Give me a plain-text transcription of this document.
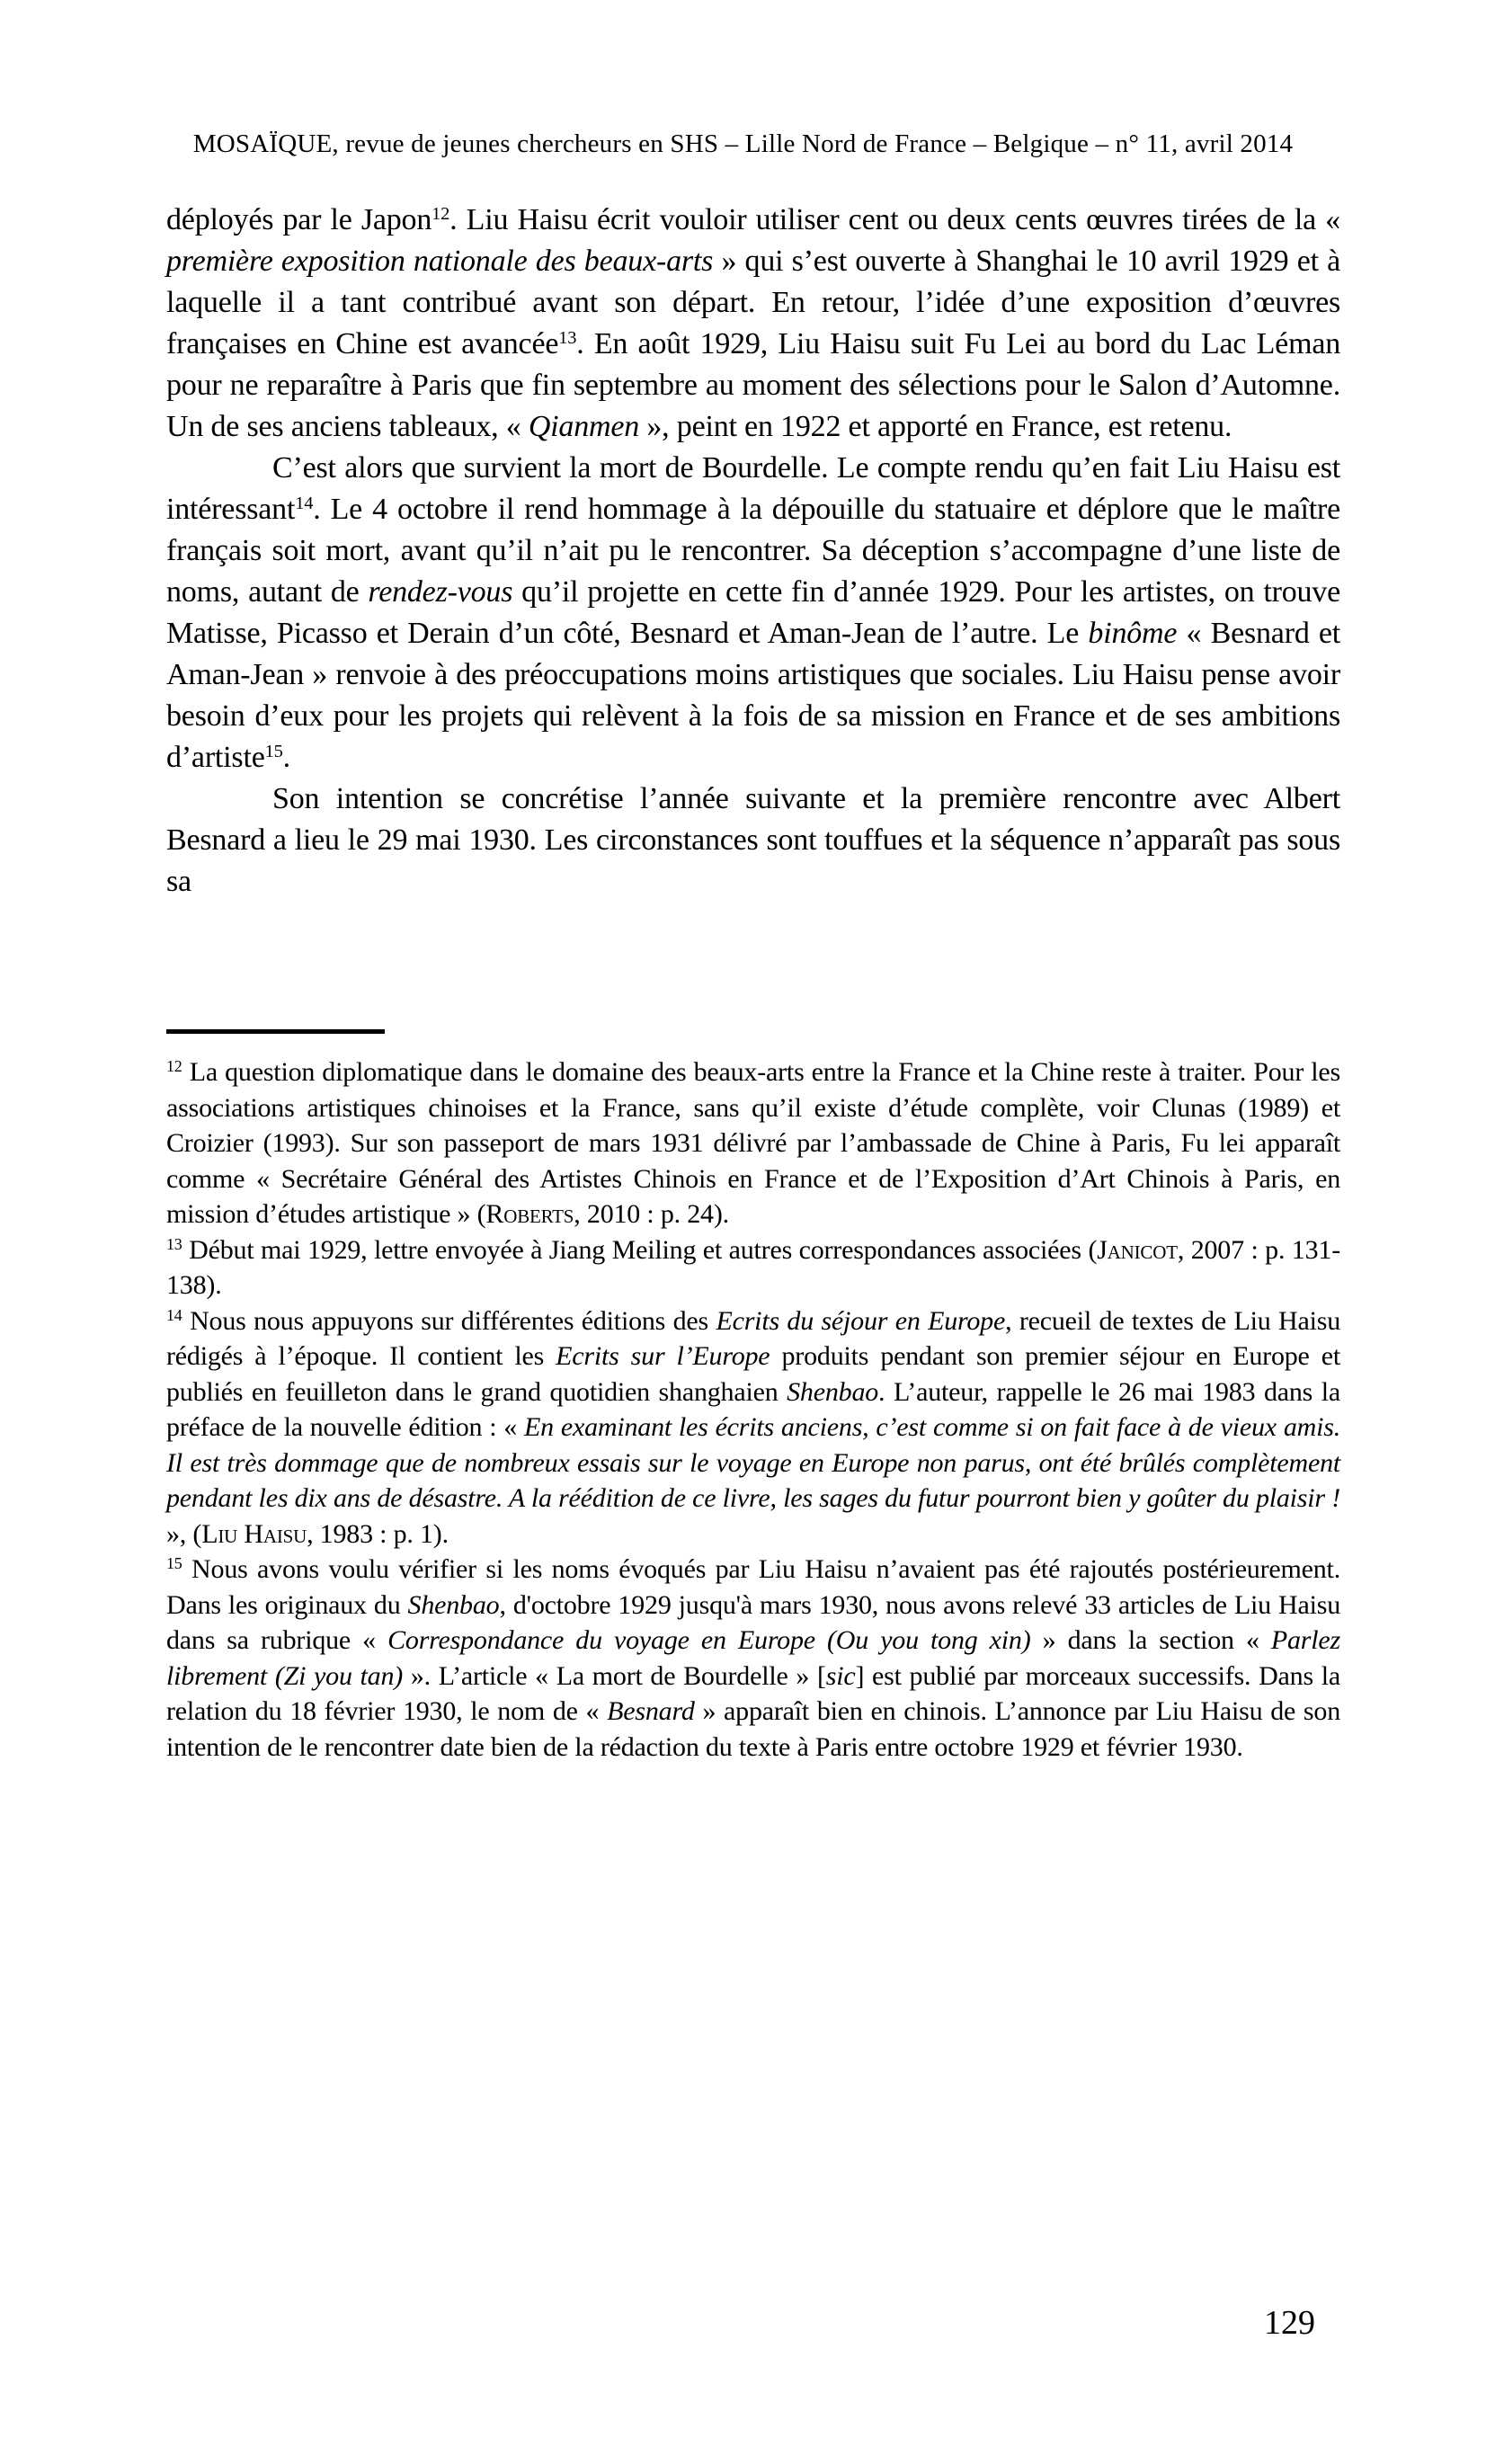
MOSAÏQUE, revue de jeunes chercheurs en SHS – Lille Nord de France – Belgique – n° 11, avril 2014

déployés par le Japon$^{12}$. Liu Haisu écrit vouloir utiliser cent ou deux cents œuvres tirées de la « première exposition nationale des beaux-arts » qui s’est ouverte à Shanghai le 10 avril 1929 et à laquelle il a tant contribué avant son départ. En retour, l’idée d’une exposition d’œuvres françaises en Chine est avancée$^{13}$. En août 1929, Liu Haisu suit Fu Lei au bord du Lac Léman pour ne reparaître à Paris que fin septembre au moment des sélections pour le Salon d’Automne. Un de ses anciens tableaux, « Qianmen », peint en 1922 et apporté en France, est retenu.

C’est alors que survient la mort de Bourdelle. Le compte rendu qu’en fait Liu Haisu est intéressant$^{14}$. Le 4 octobre il rend hommage à la dépouille du statuaire et déplore que le maître français soit mort, avant qu’il n’ait pu le rencontrer. Sa déception s’accompagne d’une liste de noms, autant de rendez-vous qu’il projette en cette fin d’année 1929. Pour les artistes, on trouve Matisse, Picasso et Derain d’un côté, Besnard et Aman-Jean de l’autre. Le binôme « Besnard et Aman-Jean » renvoie à des préoccupations moins artistiques que sociales. Liu Haisu pense avoir besoin d’eux pour les projets qui relèvent à la fois de sa mission en France et de ses ambitions d’artiste$^{15}$.

Son intention se concrétise l’année suivante et la première rencontre avec Albert Besnard a lieu le 29 mai 1930. Les circonstances sont touffues et la séquence n’apparaît pas sous sa

$^{12}$ La question diplomatique dans le domaine des beaux-arts entre la France et la Chine reste à traiter. Pour les associations artistiques chinoises et la France, sans qu’il existe d’étude complète, voir Clunas (1989) et Croizier (1993). Sur son passeport de mars 1931 délivré par l’ambassade de Chine à Paris, Fu lei apparaît comme « Secrétaire Général des Artistes Chinois en France et de l’Exposition d’Art Chinois à Paris, en mission d’études artistique » (Roberts, 2010 : p. 24).

$^{13}$ Début mai 1929, lettre envoyée à Jiang Meiling et autres correspondances associées (Janicot, 2007 : p. 131-138).

$^{14}$ Nous nous appuyons sur différentes éditions des Ecrits du séjour en Europe, recueil de textes de Liu Haisu rédigés à l’époque. Il contient les Ecrits sur l’Europe produits pendant son premier séjour en Europe et publiés en feuilleton dans le grand quotidien shanghaien Shenbao. L’auteur, rappelle le 26 mai 1983 dans la préface de la nouvelle édition : « En examinant les écrits anciens, c’est comme si on fait face à de vieux amis. Il est très dommage que de nombreux essais sur le voyage en Europe non parus, ont été brûlés complètement pendant les dix ans de désastre. A la réédition de ce livre, les sages du futur pourront bien y goûter du plaisir ! », (Liu Haisu, 1983 : p. 1).

$^{15}$ Nous avons voulu vérifier si les noms évoqués par Liu Haisu n’avaient pas été rajoutés postérieurement. Dans les originaux du Shenbao, d'octobre 1929 jusqu'à mars 1930, nous avons relevé 33 articles de Liu Haisu dans sa rubrique « Correspondance du voyage en Europe (Ou you tong xin) » dans la section « Parlez librement (Zi you tan) ». L’article « La mort de Bourdelle » [sic] est publié par morceaux successifs. Dans la relation du 18 février 1930, le nom de « Besnard » apparaît bien en chinois. L’annonce par Liu Haisu de son intention de le rencontrer date bien de la rédaction du texte à Paris entre octobre 1929 et février 1930.

129
